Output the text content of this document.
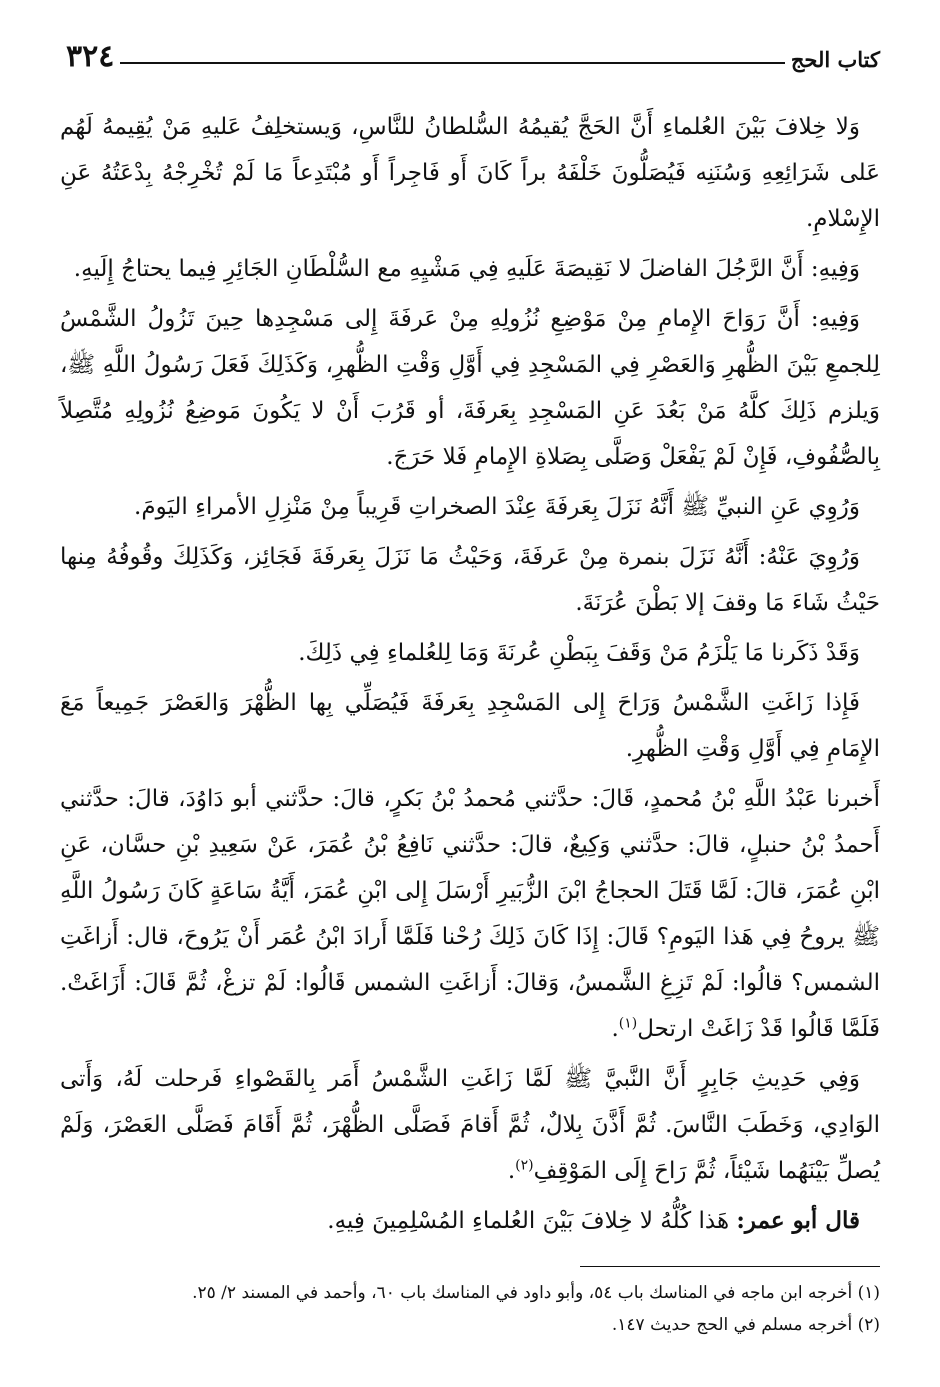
كتاب الحج
٣٢٤

وَلا خِلافَ بَيْنَ العُلماءِ أَنَّ الحَجَّ يُقيمُهُ السُّلطانُ للنَّاسِ، وَيستخلِفُ عَليهِ مَنْ يُقِيمهُ لَهُم عَلى شَرَائِعِهِ وَسُنَنِه فَيُصَلُّونَ خَلْفَهُ براً كَانَ أَو فَاجِراً أَو مُبْتَدِعاً مَا لَمْ تُخْرِجْهُ بِدْعَتُهُ عَنِ الإِسْلامِ.

وَفِيهِ: أَنَّ الرَّجُلَ الفاضلَ لا نَقِيصَةَ عَلَيهِ فِي مَشْيِهِ مع السُّلْطَانِ الجَائِرِ فِيما يحتاجُ إِلَيهِ.

وَفِيهِ: أَنَّ رَوَاحَ الإِمامِ مِنْ مَوْضِعِ نُزُولِهِ مِنْ عَرفَةَ إِلى مَسْجِدِها حِينَ تَزُولُ الشَّمْسُ لِلجمعِ بَيْنَ الظُّهرِ وَالعَصْرِ فِي المَسْجِدِ فِي أَوَّلِ وَقْتِ الظُّهرِ، وَكَذَلِكَ فَعَلَ رَسُولُ اللَّهِ ﷺ، وَيلزم ذَلِكَ كلَّهُ مَنْ بَعُدَ عَنِ المَسْجِدِ بِعَرفَةَ، أو قَرُبَ أَنْ لا يَكُونَ مَوضِعُ نُزُولِهِ مُتَّصِلاً بِالصُّفُوفِ، فَإِنْ لَمْ يَفْعَلْ وَصَلَّى بِصَلاةِ الإِمامِ فَلا حَرَجَ.

وَرُوِي عَنِ النبيِّ ﷺ أَنَّهُ نَزَلَ بِعَرفَةَ عِنْدَ الصخراتِ قَرِيباً مِنْ مَنْزِلِ الأمراءِ اليَومَ.

وَرُوِيَ عَنْهُ: أَنَّهُ نَزَلَ بنمرة مِنْ عَرفَةَ، وَحَيْثُ مَا نَزَلَ بِعَرفَةَ فَجَائِز، وَكَذَلِكَ وقُوفُهُ مِنها حَيْثُ شَاءَ مَا وقفَ إلا بَطْنَ عُرَنَةَ.

وَقَدْ ذَكَرنا مَا يَلْزَمُ مَنْ وَقَفَ بِبَطْنِ عُرنَةَ وَمَا لِلعُلماءِ فِي ذَلِكَ.

فَإِذا زَاغَتِ الشَّمْسُ وَرَاحَ إِلى المَسْجِدِ بِعَرفَةَ فَيُصَلِّي بِها الظُّهْرَ وَالعَصْرَ جَمِيعاً مَعَ الإِمَامِ فِي أَوَّلِ وَقْتِ الظُّهرِ.

أَخبرنا عَبْدُ اللَّهِ بْنُ مُحمدٍ، قَالَ: حدَّثني مُحمدُ بْنُ بَكرٍ، قالَ: حدَّثني أبو دَاوُدَ، قالَ: حدَّثني أَحمدُ بْنُ حنبلٍ، قالَ: حدَّثني وَكِيعٌ، قالَ: حدَّثني نَافِعُ بْنُ عُمَرَ، عَنْ سَعِيدِ بْنِ حسَّان، عَنِ ابْنِ عُمَرَ، قالَ: لَمَّا قَتَلَ الحجاجُ ابْنَ الزُّبَيرِ أَرْسَلَ إِلى ابْنِ عُمَرَ، أَيَّةُ سَاعَةٍ كَانَ رَسُولُ اللَّهِ ﷺ يروحُ فِي هَذا اليَومِ؟ قَالَ: إِذَا كَانَ ذَلِكَ رُحْنا فَلَمَّا أَرادَ ابْنُ عُمَر أَنْ يَرُوحَ، قال: أَزاغَتِ الشمس؟ قالُوا: لَمْ تَزِغِ الشَّمسُ، وَقالَ: أَزاغَتِ الشمس قَالُوا: لَمْ تزغْ، ثُمَّ قَالَ: أَزَاغَتْ. فَلَمَّا قَالُوا قَدْ زَاغَتْ ارتحل$^{(١)}$.

وَفِي حَدِيثِ جَابِرٍ أَنَّ النَّبيَّ ﷺ لَمَّا زَاغَتِ الشَّمْسُ أَمَر بِالقَصْواءِ فَرحلت لَهُ، وَأَتى الوَادِي، وَخَطَبَ النَّاسَ. ثُمَّ أَذَّنَ بِلالٌ، ثُمَّ أَقامَ فَصَلَّى الظُّهْرَ، ثُمَّ أَقَامَ فَصَلَّى العَصْرَ، وَلَمْ يُصلِّ بَيْنَهُما شَيْئاً، ثُمَّ رَاحَ إِلَى المَوْقِفِ$^{(٢)}$.

قال أبو عمر: هَذا كُلُّهُ لا خِلافَ بَيْنَ العُلماءِ المُسْلِمِينَ فِيهِ.

(١) أخرجه ابن ماجه في المناسك باب ٥٤، وأبو داود في المناسك باب ٦٠، وأحمد في المسند ٢/ ٢٥.

(٢) أخرجه مسلم في الحج حديث ١٤٧.
